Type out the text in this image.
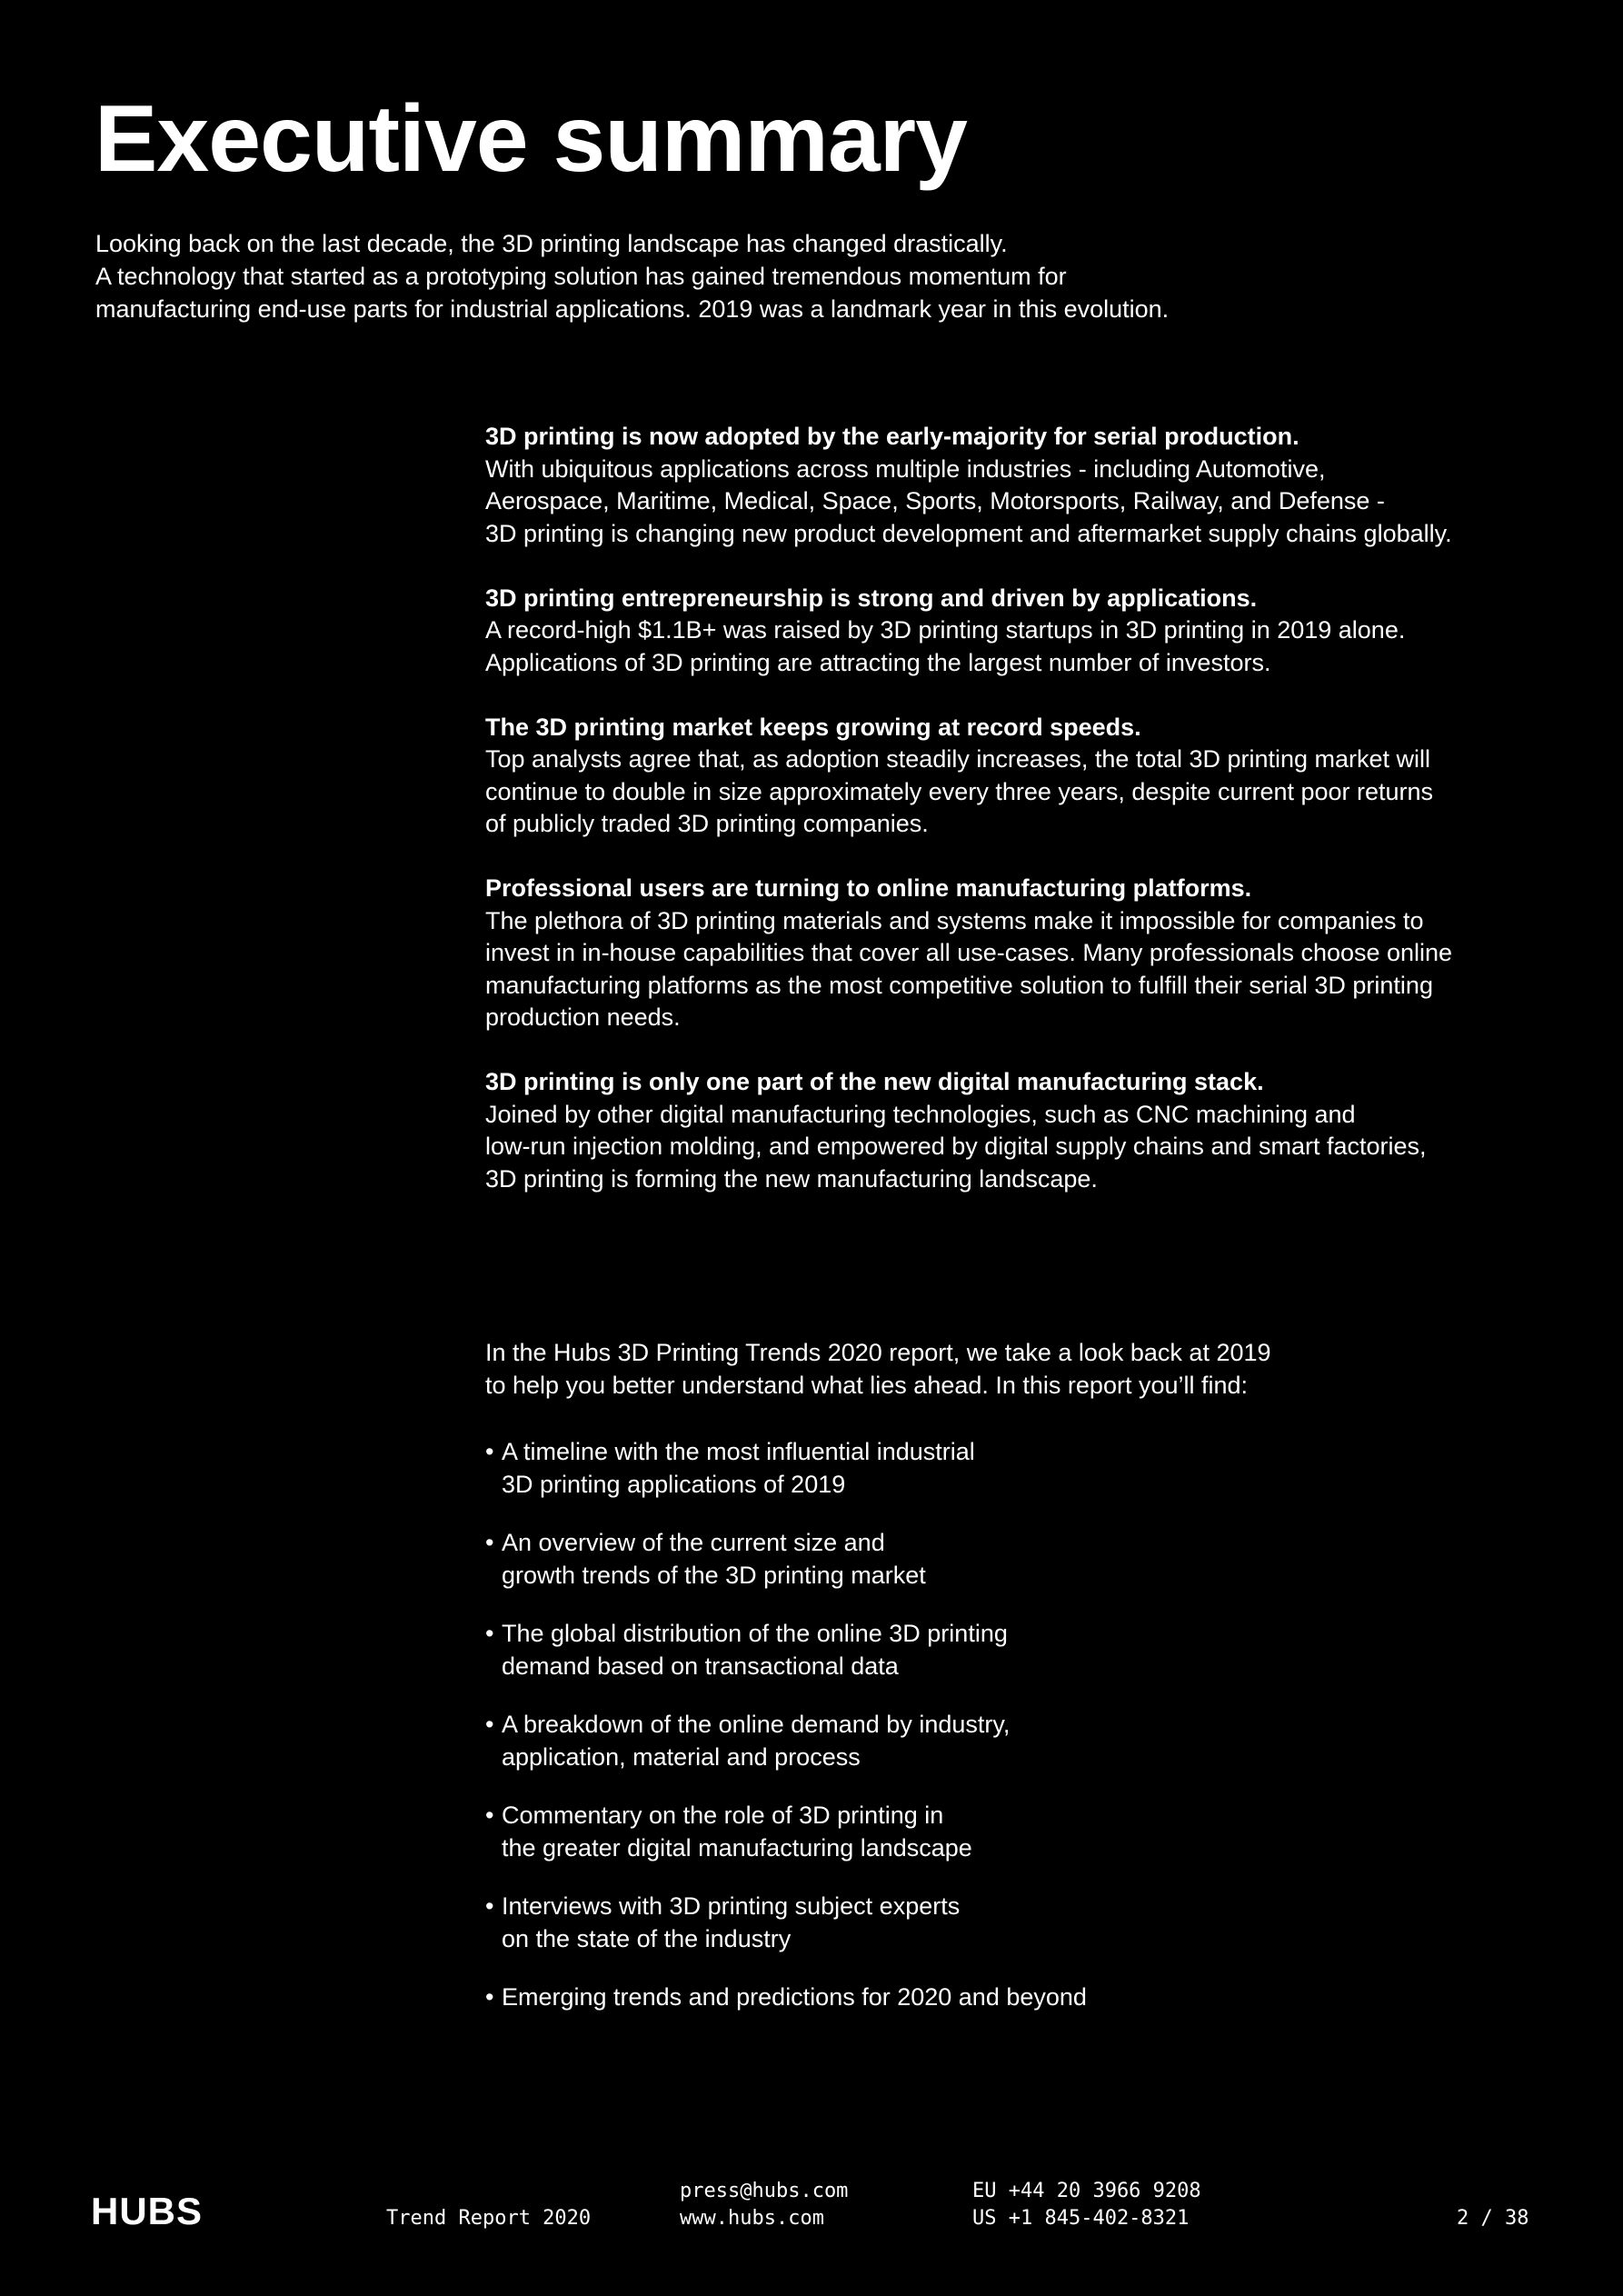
Executive summary
Looking back on the last decade, the 3D printing landscape has changed drastically.
A technology that started as a prototyping solution has gained tremendous momentum for
manufacturing end-use parts for industrial applications. 2019 was a landmark year in this evolution.
3D printing is now adopted by the early-majority for serial production.
With ubiquitous applications across multiple industries - including Automotive,
Aerospace, Maritime, Medical, Space, Sports, Motorsports, Railway, and Defense -
3D printing is changing new product development and aftermarket supply chains globally.
3D printing entrepreneurship is strong and driven by applications.
A record-high $1.1B+ was raised by 3D printing startups in 3D printing in 2019 alone.
Applications of 3D printing are attracting the largest number of investors.
The 3D printing market keeps growing at record speeds.
Top analysts agree that, as adoption steadily increases, the total 3D printing market will
continue to double in size approximately every three years, despite current poor returns
of publicly traded 3D printing companies.
Professional users are turning to online manufacturing platforms.
The plethora of 3D printing materials and systems make it impossible for companies to
invest in in-house capabilities that cover all use-cases. Many professionals choose online
manufacturing platforms as the most competitive solution to fulfill their serial 3D printing
production needs.
3D printing is only one part of the new digital manufacturing stack.
Joined by other digital manufacturing technologies, such as CNC machining and
low-run injection molding, and empowered by digital supply chains and smart factories,
3D printing is forming the new manufacturing landscape.
In the Hubs 3D Printing Trends 2020 report, we take a look back at 2019
to help you better understand what lies ahead. In this report you’ll find:
• A timeline with the most influential industrial
3D printing applications of 2019
• An overview of the current size and
growth trends of the 3D printing market
• The global distribution of the online 3D printing
demand based on transactional data
• A breakdown of the online demand by industry,
application, material and process
• Commentary on the role of 3D printing in
the greater digital manufacturing landscape
• Interviews with 3D printing subject experts
on the state of the industry
• Emerging trends and predictions for 2020 and beyond
HUBS	Trend Report 2020
press@hubs.com
www.hubs.com
EU +44 20 3966 9208
US +1 845-402-8321	2 / 38
